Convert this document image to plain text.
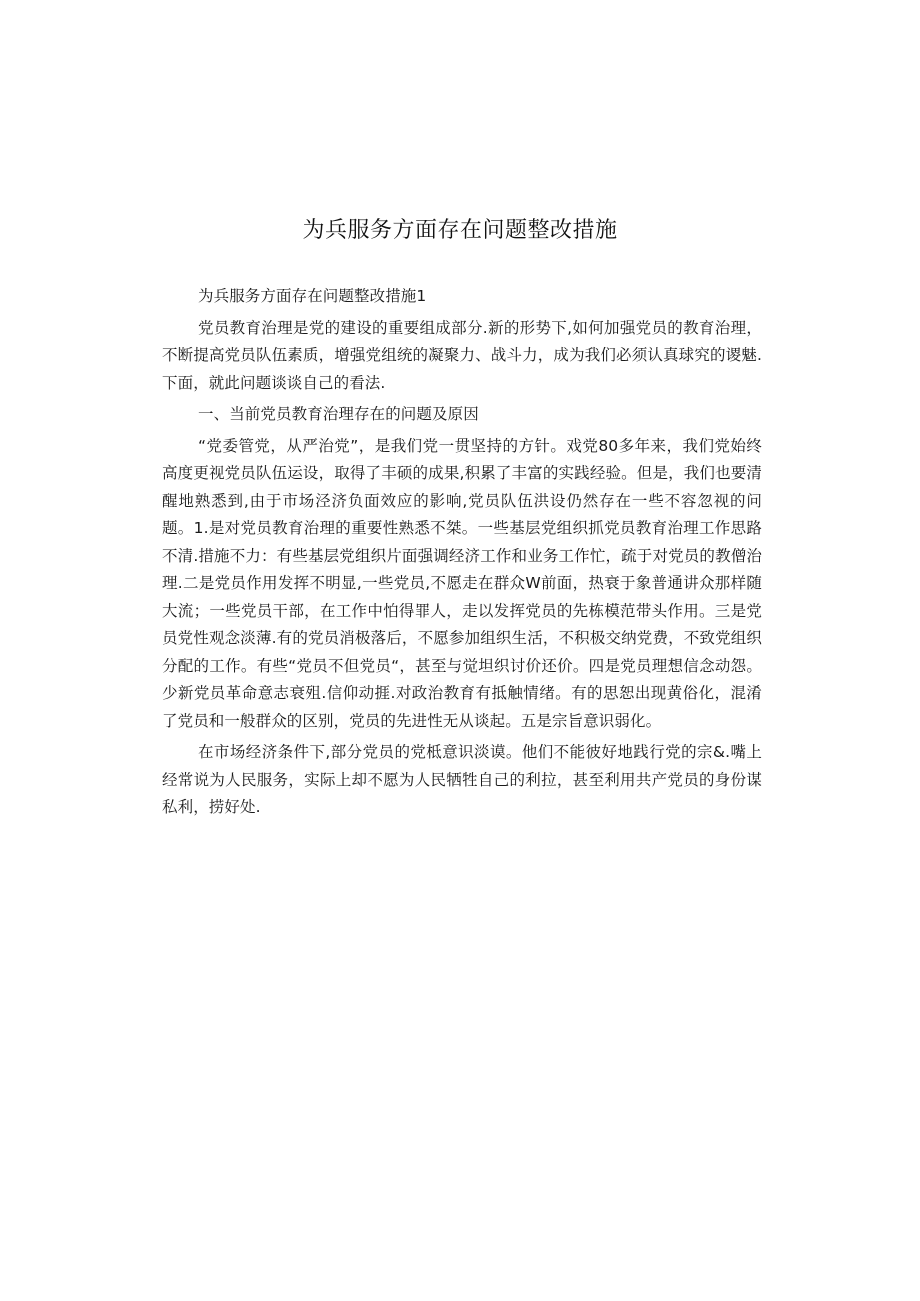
为兵服务方面存在问题整改措施

为兵服务方面存在问题整改措施1

党员教育治理是党的建设的重要组成部分.新的形势下,如何加强党员的教育治理，不断提高党员队伍素质，增强党组统的凝聚力、战斗力，成为我们必须认真球究的谡魅.下面，就此问题谈谈自己的看法.

一、当前党员教育治理存在的问题及原因

“党委管党，从严治党”，是我们党一贯坚持的方针。戏党80多年来，我们党始终高度更视党员队伍运设，取得了丰硕的成果,积累了丰富的实践经验。但是，我们也要清醒地熟悉到,由于市场泾济负面效应的影响,党员队伍洪设仍然存在一些不容忽视的问题。1.是对党员教育治理的重要性熟悉不桀。一些基层党组织抓党员教育治理工作思路不清.措施不力：有些基层党组织片面强调经济工作和业务工作忙，疏于对党员的教僧治理.二是党员作用发挥不明显,一些党员,不愿走在群众W前面，热衰于象普通讲众那样随大流；一些党员干部，在工作中怕得罪人，走以发挥党员的先栋模范带头作用。三是党员党性观念淡薄.有的党员消极落后，不愿参加组织生活，不积极交纳党费，不致党组织分配的工作。有些“党员不但党员“，甚至与觉坦织讨价还价。四是党员理想信念动怨。少新党员革命意志衰殂.信仰动捱.对政治教育有抵触情绪。有的思恕出现黄俗化，混淆了党员和一般群众的区别，党员的先进性无从谈起。五是宗旨意识弱化。

在市场经济条件下,部分党员的党柢意识淡谟。他们不能彼好地践行党的宗&.嘴上经常说为人民服务，实际上却不愿为人民牺牲自己的利拉，甚至利用共产党员的身份谋私利，捞好处.
